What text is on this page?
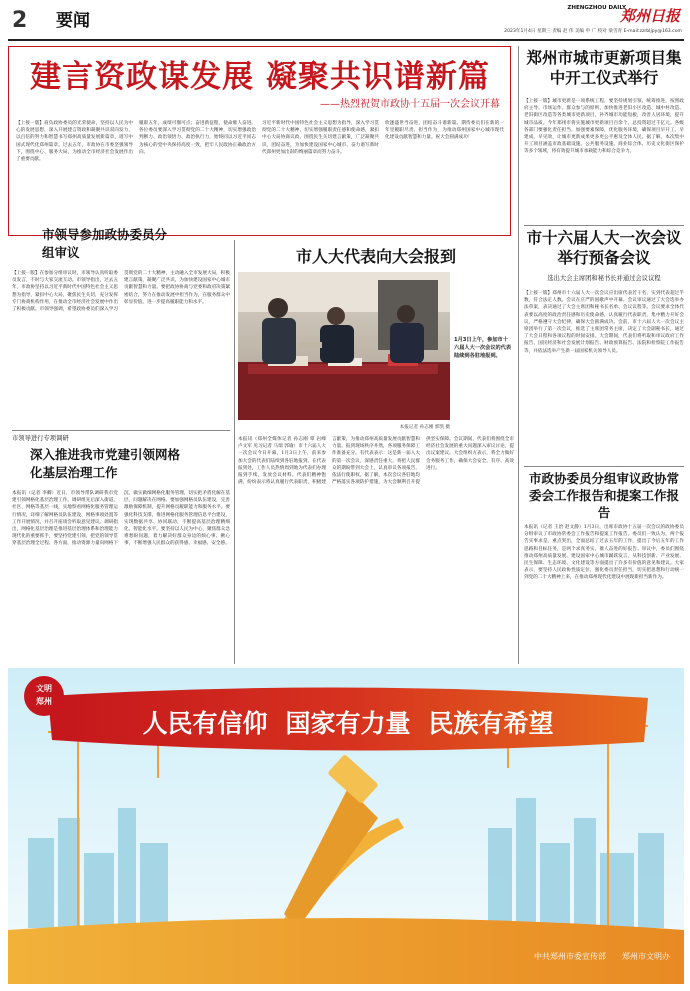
2 要闻
ZHENGZHOU DAILY
郑州日报
2023年1月4日 星期三 责编 赵 伟 美编 申 广 校对 梁雪青 E-mail:zzrbljpy@163.com
建言资政谋发展 凝聚共识谱新篇
——热烈祝贺市政协十五届一次会议开幕
【上接一版】肩负政协委员的光荣使命，坚持以人民为中心的发展思想，深入开展建言资政和凝聚共识双向发力，以百倍的努力和智慧书写郑州高质量发展新篇章，谱写中国式现代化郑州篇章。过去五年，市政协在市委坚强领导下，围绕中心、服务大局，为推动全市经济社会发展作出了重要贡献。
履职五年，成绩可圈可点；奋进新征程，使命催人奋进。各位委员要深入学习贯彻党的二十大精神，切实增强政治判断力、政治领悟力、政治执行力，始终同以习近平同志为核心的党中央保持高度一致，把牢人民政协正确政治方向。
习近平新时代中国特色社会主义思想为指导，深入学习贯彻党的二十大精神，切实增强履职责任感和使命感，紧扣中心大局协商议政，围绕民生关切建言献策，广泛凝聚共识，团结奋进，为加快建设国家中心城市、奋力谱写新时代郑州更加出彩的绚丽篇章而努力奋斗。
欣逢盛世当奋进，团结奋斗谱新篇。期待委员们在新的一年里履职尽责、担当作为，为推动郑州国家中心城市现代化建设贡献智慧和力量。祝大会圆满成功！
郑州市城市更新项目集中开工仪式举行
【上接一版】城市更新是一项系统工程，要坚持规划引领、统筹推进，按照政府主导、市场运作、群众参与的原则，加快推进老旧小区改造、城中村改造、老旧街区改造等各类城市更新项目，补齐城市功能短板，改善人居环境，提升城市品质。今年郑州市将实施城市更新项目百余个，总投资超过千亿元。各级各部门要强化责任担当，加强要素保障，优化服务环境，确保项目早开工、早建成、早见效，让城市更新成果更多更公平惠及全体人民。据了解，本次集中开工项目涵盖市政基础设施、公共服务设施、商业综合体、历史文化街区保护等多个领域，将有效提升城市承载能力和综合竞争力。
市十六届人大一次会议举行预备会议
选出大会主席团和秘书长并通过会议议程
【上接一版】郑州市十六届人大一次会议应出席代表若干名，实到代表超过半数，符合法定人数。会议在庄严的国歌声中开幕。会议审议通过了大会选举办法草案，表决通过了大会主席团和秘书长名单、会议议程等。会议要求全体代表要以高度的政治责任感和历史使命感，认真履行代表职责，集中精力开好会议，严格遵守大会纪律，确保大会圆满成功。会前，市十六届人大一次会议主席团举行了第一次会议，推选了主席团常务主席，决定了大会副秘书长，通过了大会日程和各项议程的时间安排。大会期间，代表们将听取和审议政府工作报告、国民经济和社会发展计划报告、财政预算报告、法院和检察院工作报告等，并依法选举产生新一届国家机关领导人员。
市政协委员分组审议政协常委会工作报告和提案工作报告
本报讯（记者 王治 赵文静）1月3日，出席市政协十五届一次会议的政协委员分组审议了市政协常委会工作报告和提案工作报告。委员们一致认为，两个报告实事求是、重点突出，全面总结了过去五年的工作，提出了今后五年的工作思路和目标任务，是两个求真务实、催人奋进的好报告。审议中，委员们围绕推动郑州高质量发展、建设国家中心城市踊跃发言，从科技创新、产业发展、民生保障、生态环境、文化建设等方面提出了许多有价值的意见和建议。大家表示，要坚持人民政协性质定位，强化委员责任担当，切实把思想和行动统一到党的二十大精神上来，在推动郑州现代化建设中展现新担当新作为。
市领导参加政协委员分组审议
【上接一版】在参加分组审议时，市领导认真听取委员发言，不时与大家交流互动。市领导指出，过去五年，市政协坚持以习近平新时代中国特色社会主义思想为指导，紧扣中心大局，聚焦民生关切，充分发挥专门协商机构作用，在推动全市经济社会发展中作出了积极贡献。市领导强调，希望政协委员们深入学习贯彻党的二十大精神，主动融入全市发展大局，积极建言献策，凝聚广泛共识，为加快建设国家中心城市贡献智慧和力量。要把政协协商与党委和政府决策紧密结合，努力在推动发展中担当作为，在服务群众中彰显价值，进一步提高履职能力和水平。
市领导进行专项调研
深入推进我市党建引领网格化基层治理工作
本报讯（记者 李卿）近日，市领导带队调研我市党建引领网格化基层治理工作。调研组先后深入街道、社区、网格等基层一线，实地察看网格化服务管理运行情况，详细了解网格员队伍建设、网格事项处置等工作开展情况，并召开座谈会听取意见建议。调研指出，网格化基层治理是推进基层治理体系和治理能力现代化的重要抓手，要坚持党建引领，把党的领导贯穿基层治理全过程、各方面，推动资源力量向网格下沉，做实做细网格化服务管理，切实把矛盾化解在基层、问题解决在网格。要加强网格员队伍建设，完善激励保障机制，提升网格员履职能力和服务水平。要强化科技支撑，推进网格化服务管理信息平台建设，实现数据共享、协同联动，不断提高基层治理精细化、智能化水平。要坚持以人民为中心，聚焦群众急难愁盼问题，着力解决好群众身边的烦心事、揪心事，不断增强人民群众的获得感、幸福感、安全感。
市人大代表向大会报到
1月3日上午，参加市十六届人大一次会议的代表陆续到各驻地报到。
本报记者 孙志刚 郭凯 摄
本报讯（郑州全媒体记者 孙志刚 覃 岩峰 卢文军 见习记者 马瑞 郭瑜）市十六届人大一次会议今日开幕，1月3日上午，前来参加大会的代表们陆续到各驻地报到。在代表报到处，工作人员热情周到地为代表们办理报到手续，发放会议材料。代表们精神饱满，纷纷表示将认真履行代表职责，积极建言献策，为推动郑州高质量发展贡献智慧和力量。报到现场秩序井然，各项服务保障工作准备充分。有代表表示：这是新一届人大的第一次会议，深感责任重大，将把人民群众的期盼带到大会上，认真审议各项报告，依法行使职权。据了解，本次会议各驻地均严格落实各项防护措施，为大会顺利召开提供坚实保障。会议期间，代表们将围绕全市经济社会发展的重大问题深入审议讨论，提出议案建议。大会组织方表示，将全力做好会务服务工作，确保大会安全、有序、高效进行。
文明
郑州
人民有信仰 国家有力量 民族有希望
中共郑州市委宣传部　　郑州市文明办
